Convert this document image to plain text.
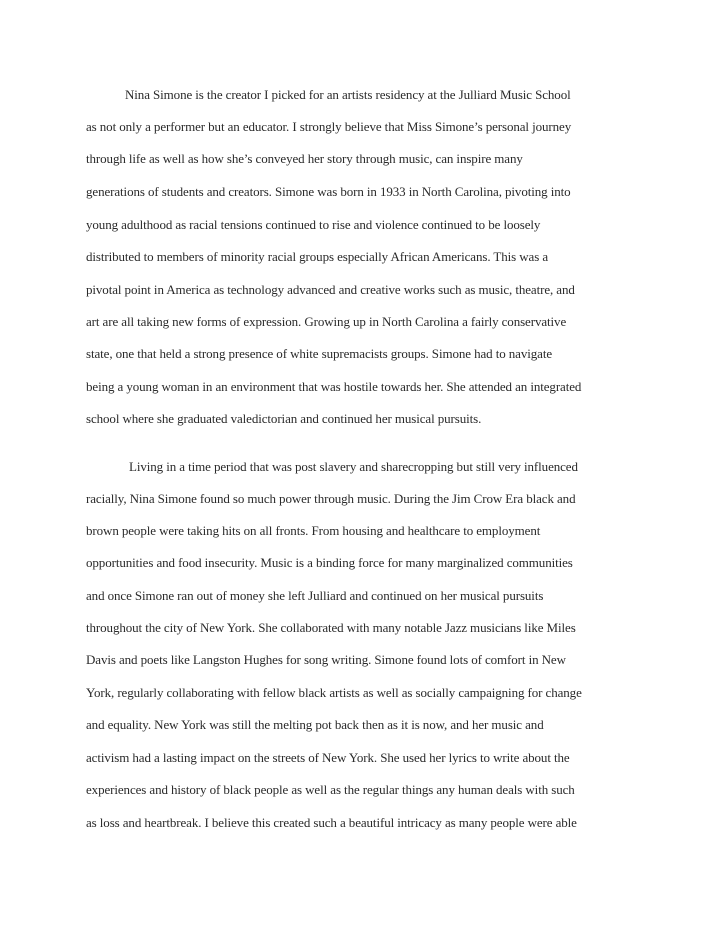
Nina Simone is the creator I picked for an artists residency at the Julliard Music School

as not only a performer but an educator. I strongly believe that Miss Simone’s personal journey

through life as well as how she’s conveyed her story through music, can inspire many

generations of students and creators. Simone was born in 1933 in North Carolina, pivoting into

young adulthood as racial tensions continued to rise and violence continued to be loosely

distributed to members of minority racial groups especially African Americans. This was a

pivotal point in America as technology advanced and creative works such as music, theatre, and

art are all taking new forms of expression. Growing up in North Carolina a fairly conservative

state, one that held a strong presence of white supremacists groups. Simone had to navigate

being a young woman in an environment that was hostile towards her. She attended an integrated

school where she graduated valedictorian and continued her musical pursuits.

Living in a time period that was post slavery and sharecropping but still very influenced

racially, Nina Simone found so much power through music. During the Jim Crow Era black and

brown people were taking hits on all fronts. From housing and healthcare to employment

opportunities and food insecurity. Music is a binding force for many marginalized communities

and once Simone ran out of money she left Julliard and continued on her musical pursuits

throughout the city of New York. She collaborated with many notable Jazz musicians like Miles

Davis and poets like Langston Hughes for song writing. Simone found lots of comfort in New

York, regularly collaborating with fellow black artists as well as socially campaigning for change

and equality. New York was still the melting pot back then as it is now, and her music and

activism had a lasting impact on the streets of New York. She used her lyrics to write about the

experiences and history of black people as well as the regular things any human deals with such

as loss and heartbreak. I believe this created such a beautiful intricacy as many people were able
